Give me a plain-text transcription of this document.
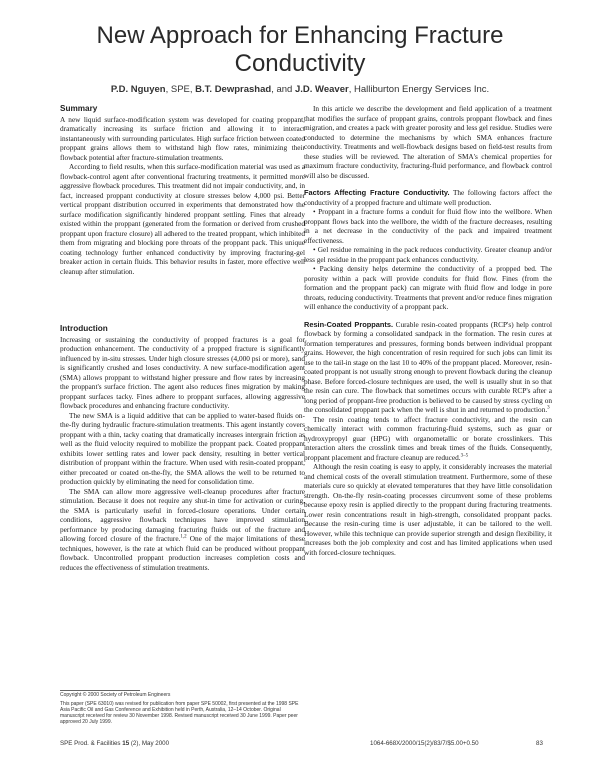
New Approach for Enhancing Fracture
Conductivity
P.D. Nguyen, SPE, B.T. Dewprashad, and J.D. Weaver, Halliburton Energy Services Inc.
Summary

A new liquid surface-modification system was developed for coating proppant, dramatically increasing its surface friction and allowing it to interact instantaneously with surrounding particulates. High surface friction between coated proppant grains allows them to withstand high flow rates, minimizing their flowback potential after fracture-stimulation treatments.

According to field results, when this surface-modification material was used as a flowback-control agent after conventional fracturing treatments, it permitted more aggressive flowback procedures. This treatment did not impair conductivity, and, in fact, increased proppant conductivity at closure stresses below 4,000 psi. Better vertical proppant distribution occurred in experiments that demonstrated how the surface modification significantly hindered proppant settling. Fines that already existed within the proppant (generated from the formation or derived from crushed proppant upon fracture closure) all adhered to the treated proppant, which inhibited them from migrating and blocking pore throats of the proppant pack. This unique coating technology further enhanced conductivity by improving fracturing-gel breaker action in certain fluids. This behavior results in faster, more effective well cleanup after stimulation.

Introduction

Increasing or sustaining the conductivity of propped fractures is a goal for production enhancement. The conductivity of a propped fracture is significantly influenced by in-situ stresses. Under high closure stresses (4,000 psi or more), sand is significantly crushed and loses conductivity. A new surface-modification agent (SMA) allows proppant to withstand higher pressure and flow rates by increasing the proppant's surface friction. The agent also reduces fines migration by making proppant surfaces tacky. Fines adhere to proppant surfaces, allowing aggressive flowback procedures and enhancing fracture conductivity.

The new SMA is a liquid additive that can be applied to water-based fluids on-the-fly during hydraulic fracture-stimulation treatments. This agent instantly covers proppant with a thin, tacky coating that dramatically increases intergrain friction as well as the fluid velocity required to mobilize the proppant pack. Coated proppant exhibits lower settling rates and lower pack density, resulting in better vertical distribution of proppant within the fracture. When used with resin-coated proppant, either precoated or coated on-the-fly, the SMA allows the well to be returned to production quickly by eliminating the need for consolidation time.

The SMA can allow more aggressive well-cleanup procedures after fracture stimulation. Because it does not require any shut-in time for activation or curing, the SMA is particularly useful in forced-closure operations. Under certain conditions, aggressive flowback techniques have improved stimulation performance by producing damaging fracturing fluids out of the fracture and allowing forced closure of the fracture.$^{1,2}$ One of the major limitations of these techniques, however, is the rate at which fluid can be produced without proppant flowback. Uncontrolled proppant production increases completion costs and reduces the effectiveness of stimulation treatments.

Copyright © 2000 Society of Petroleum Engineers

This paper (SPE 63010) was revised for publication from paper SPE 50002, first presented at the 1998 SPE Asia Pacific Oil and Gas Conference and Exhibition held in Perth, Australia, 12–14 October. Original manuscript received for review 30 November 1998. Revised manuscript received 30 June 1999. Paper peer approved 20 July 1999.

In this article we describe the development and field application of a treatment that modifies the surface of proppant grains, controls proppant flowback and fines migration, and creates a pack with greater porosity and less gel residue. Studies were conducted to determine the mechanisms by which SMA enhances fracture conductivity. Treatments and well-flowback designs based on field-test results from these studies will be reviewed. The alteration of SMA's chemical properties for maximum fracture conductivity, fracturing-fluid performance, and flowback control will also be discussed.

Factors Affecting Fracture Conductivity. The following factors affect the conductivity of a propped fracture and ultimate well production.

• Proppant in a fracture forms a conduit for fluid flow into the wellbore. When proppant flows back into the wellbore, the width of the fracture decreases, resulting in a net decrease in the conductivity of the pack and impaired treatment effectiveness.

• Gel residue remaining in the pack reduces conductivity. Greater cleanup and/or less gel residue in the proppant pack enhances conductivity.

• Packing density helps determine the conductivity of a propped bed. The porosity within a pack will provide conduits for fluid flow. Fines (from the formation and the proppant pack) can migrate with fluid flow and lodge in pore throats, reducing conductivity. Treatments that prevent and/or reduce fines migration will enhance the conductivity of a proppant pack.

Resin-Coated Proppants. Curable resin-coated proppants (RCP's) help control flowback by forming a consolidated sandpack in the formation. The resin cures at formation temperatures and pressures, forming bonds between individual proppant grains. However, the high concentration of resin required for such jobs can limit its use to the tail-in stage on the last 10 to 40% of the proppant placed. Moreover, resin-coated proppant is not usually strong enough to prevent flowback during the cleanup phase. Before forced-closure techniques are used, the well is usually shut in so that the resin can cure. The flowback that sometimes occurs with curable RCP's after a long period of proppant-free production is believed to be caused by stress cycling on the consolidated proppant pack when the well is shut in and returned to production.$^3$

The resin coating tends to affect fracture conductivity, and the resin can chemically interact with common fracturing-fluid systems, such as guar or hydroxypropyl guar (HPG) with organometallic or borate crosslinkers. This interaction alters the crosslink times and break times of the fluids. Consequently, proppant placement and fracture cleanup are reduced.$^{3-5}$

Although the resin coating is easy to apply, it considerably increases the material and chemical costs of the overall stimulation treatment. Furthermore, some of these materials cure so quickly at elevated temperatures that they have little consolidation strength. On-the-fly resin-coating processes circumvent some of these problems because epoxy resin is applied directly to the proppant during fracturing treatments. Lower resin concentrations result in high-strength, consolidated proppant packs. Because the resin-curing time is user adjustable, it can be tailored to the well. However, while this technique can provide superior strength and design flexibility, it increases both the job complexity and cost and has limited applications when used with forced-closure techniques.

SPE Prod. & Facilities 15 (2), May 2000	1064-668X/2000/15(2)/83/7/$5.00+0.50	83
